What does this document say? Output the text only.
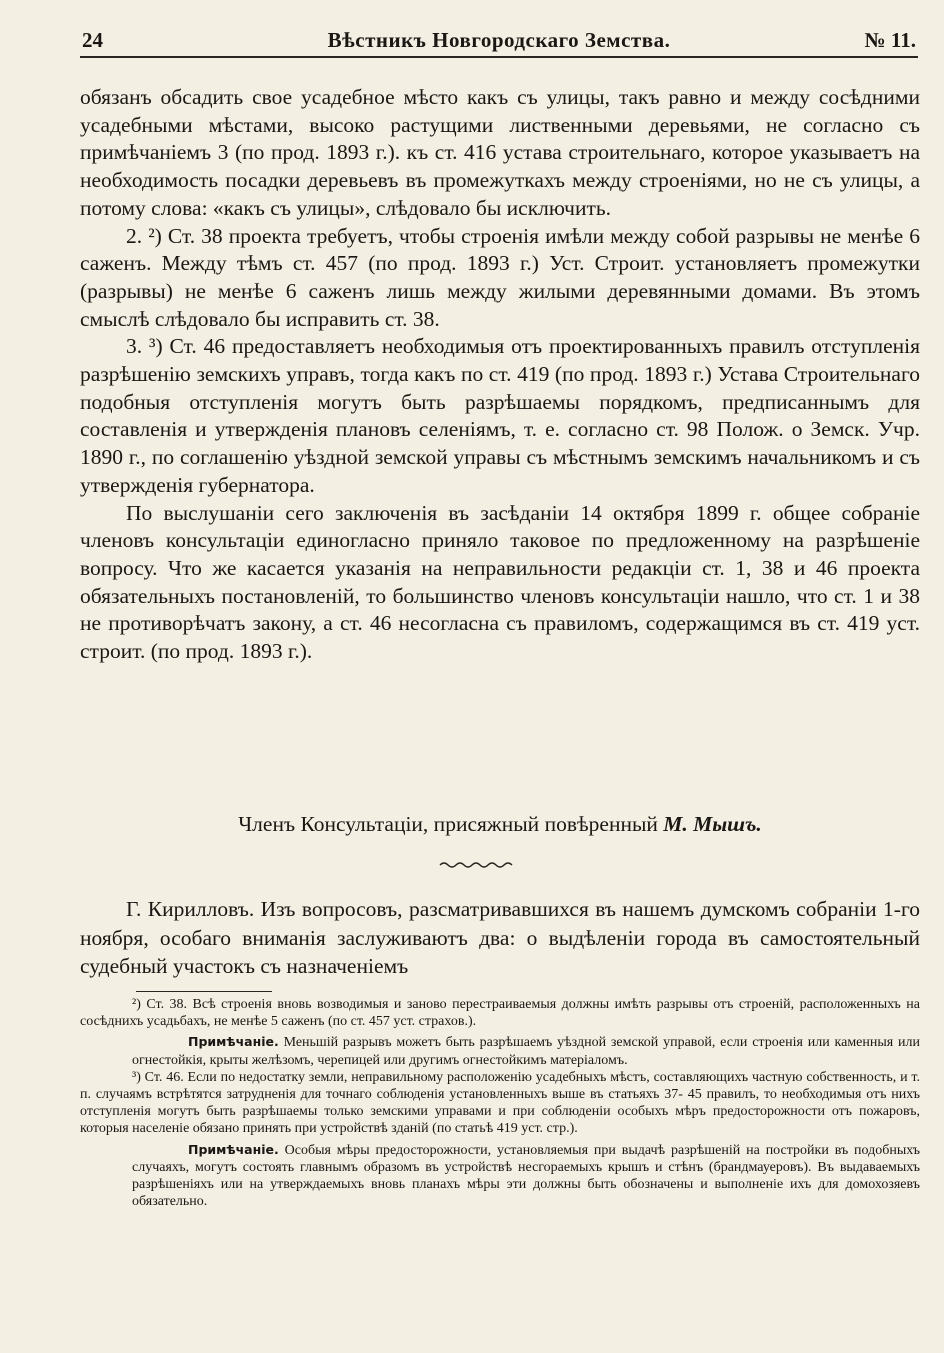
24	Вѣстникъ Новгородскаго Земства.	№ 11.

обязанъ обсадить свое усадебное мѣсто какъ съ улицы, такъ равно и между сосѣдними усадебными мѣстами, высоко растущими лиственными деревьями, не согласно съ примѣчаніемъ 3 (по прод. 1893 г.). къ ст. 416 устава строительнаго, которое указываетъ на необходимость посадки деревьевъ въ промежуткахъ между строеніями, но не съ улицы, а потому слова: «какъ съ улицы», слѣдовало бы исключить.

2. ²) Ст. 38 проекта требуетъ, чтобы строенія имѣли между собой разрывы не менѣе 6 саженъ. Между тѣмъ ст. 457 (по прод. 1893 г.) Уст. Строит. установляетъ промежутки (разрывы) не менѣе 6 саженъ лишь между жилыми деревянными домами. Въ этомъ смыслѣ слѣдовало бы исправить ст. 38.

3. ³) Ст. 46 предоставляетъ необходимыя отъ проектированныхъ правилъ отступленія разрѣшенію земскихъ управъ, тогда какъ по ст. 419 (по прод. 1893 г.) Устава Строительнаго подобныя отступленія могутъ быть разрѣшаемы порядкомъ, предписаннымъ для составленія и утвержденія плановъ селеніямъ, т. е. согласно ст. 98 Полож. о Земск. Учр. 1890 г., по соглашенію уѣздной земской управы съ мѣстнымъ земскимъ начальникомъ и съ утвержденія губернатора.

По выслушаніи сего заключенія въ засѣданіи 14 октября 1899 г. общее собраніе членовъ консультаціи единогласно приняло таковое по предложенному на разрѣшеніе вопросу. Что же касается указанія на неправильности редакціи ст. 1, 38 и 46 проекта обязательныхъ постановленій, то большинство членовъ консультаціи нашло, что ст. 1 и 38 не противорѣчатъ закону, а ст. 46 несогласна съ правиломъ, содержащимся въ ст. 419 уст. строит. (по прод. 1893 г.).

Членъ Консультаціи, присяжный повѣренный М. Мышъ.

Г. Кирилловъ. Изъ вопросовъ, разсматривавшихся въ нашемъ думскомъ собраніи 1-го ноября, особаго вниманія заслуживаютъ два: о выдѣленіи города въ самостоятельный судебный участокъ съ назначеніемъ

²) Ст. 38. Всѣ строенія вновь возводимыя и заново перестраиваемыя должны имѣть разрывы отъ строеній, расположенныхъ на сосѣднихъ усадьбахъ, не менѣе 5 саженъ (по ст. 457 уст. страхов.).

Примѣчаніе. Меньшій разрывъ можетъ быть разрѣшаемъ уѣздной земской управой, если строенія или каменныя или огнестойкія, крыты желѣзомъ, черепицей или другимъ огнестойкимъ матеріаломъ.

³) Ст. 46. Если по недостатку земли, неправильному расположенію усадебныхъ мѣстъ, составляющихъ частную собственность, и т. п. случаямъ встрѣтятся затрудненія для точнаго соблюденія установленныхъ выше въ статьяхъ 37- 45 правилъ, то необходимыя отъ нихъ отступленія могутъ быть разрѣшаемы только земскими управами и при соблюденіи особыхъ мѣръ предосторожности отъ пожаровъ, которыя населеніе обязано принять при устройствѣ зданій (по статьѣ 419 уст. стр.).

Примѣчаніе. Особыя мѣры предосторожности, установляемыя при выдачѣ разрѣшеній на постройки въ подобныхъ случаяхъ, могутъ состоять главнымъ образомъ въ устройствѣ несгораемыхъ крышъ и стѣнъ (брандмауеровъ). Въ выдаваемыхъ разрѣшеніяхъ или на утверждаемыхъ вновь планахъ мѣры эти должны быть обозначены и выполненіе ихъ для домохозяевъ обязательно.
